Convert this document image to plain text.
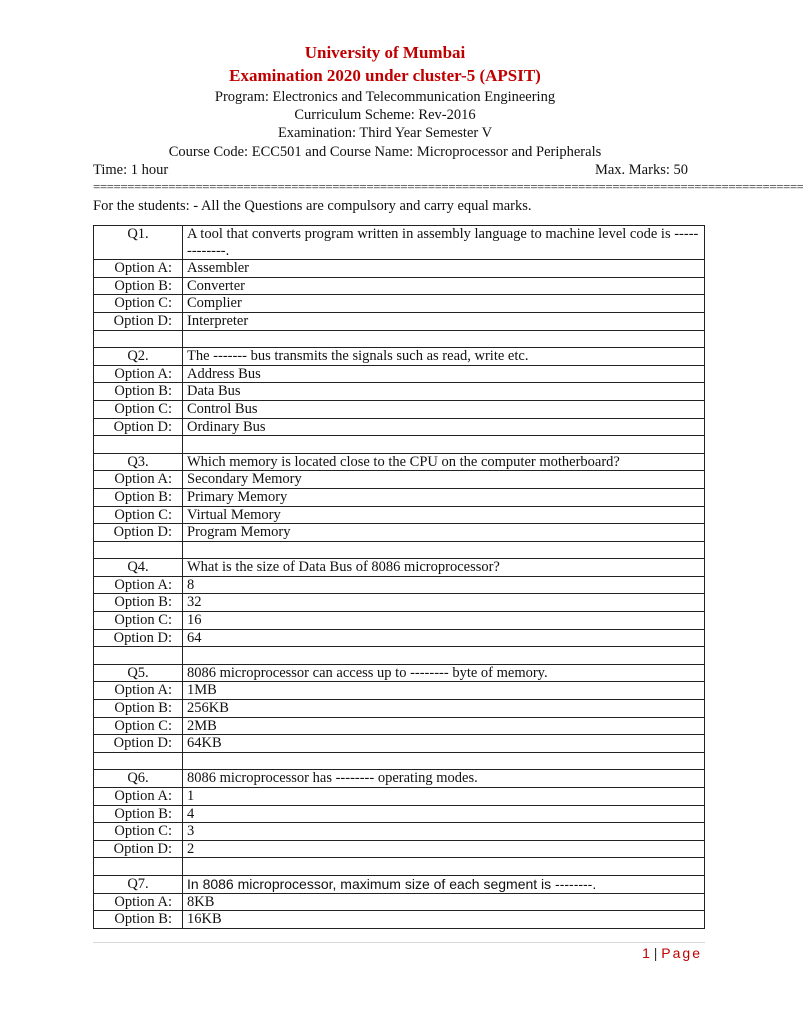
University of Mumbai
Examination 2020 under cluster-5 (APSIT)
Program: Electronics and Telecommunication Engineering
Curriculum Scheme: Rev-2016
Examination: Third Year Semester V
Course Code: ECC501 and Course Name: Microprocessor and Peripherals
Time: 1 hour	Max. Marks: 50
========================================================================================================
For the students: - All the Questions are compulsory and carry equal marks.
Q1.	A tool that converts program written in assembly language to machine level code is -------------.
Option A:	Assembler
Option B:	Converter
Option C:	Complier
Option D:	Interpreter

Q2.	The ------- bus transmits the signals such as read, write etc.
Option A:	Address Bus
Option B:	Data Bus
Option C:	Control Bus
Option D:	Ordinary Bus

Q3.	Which memory is located close to the CPU on the computer motherboard?
Option A:	Secondary Memory
Option B:	Primary Memory
Option C:	Virtual Memory
Option D:	Program Memory

Q4.	What is the size of Data Bus of 8086 microprocessor?
Option A:	8
Option B:	32
Option C:	16
Option D:	64

Q5.	8086 microprocessor can access up to -------- byte of memory.
Option A:	1MB
Option B:	256KB
Option C:	2MB
Option D:	64KB

Q6.	8086 microprocessor has -------- operating modes.
Option A:	1
Option B:	4
Option C:	3
Option D:	2

Q7.	In 8086 microprocessor, maximum size of each segment is --------.
Option A:	8KB
Option B:	16KB
1 | Page
